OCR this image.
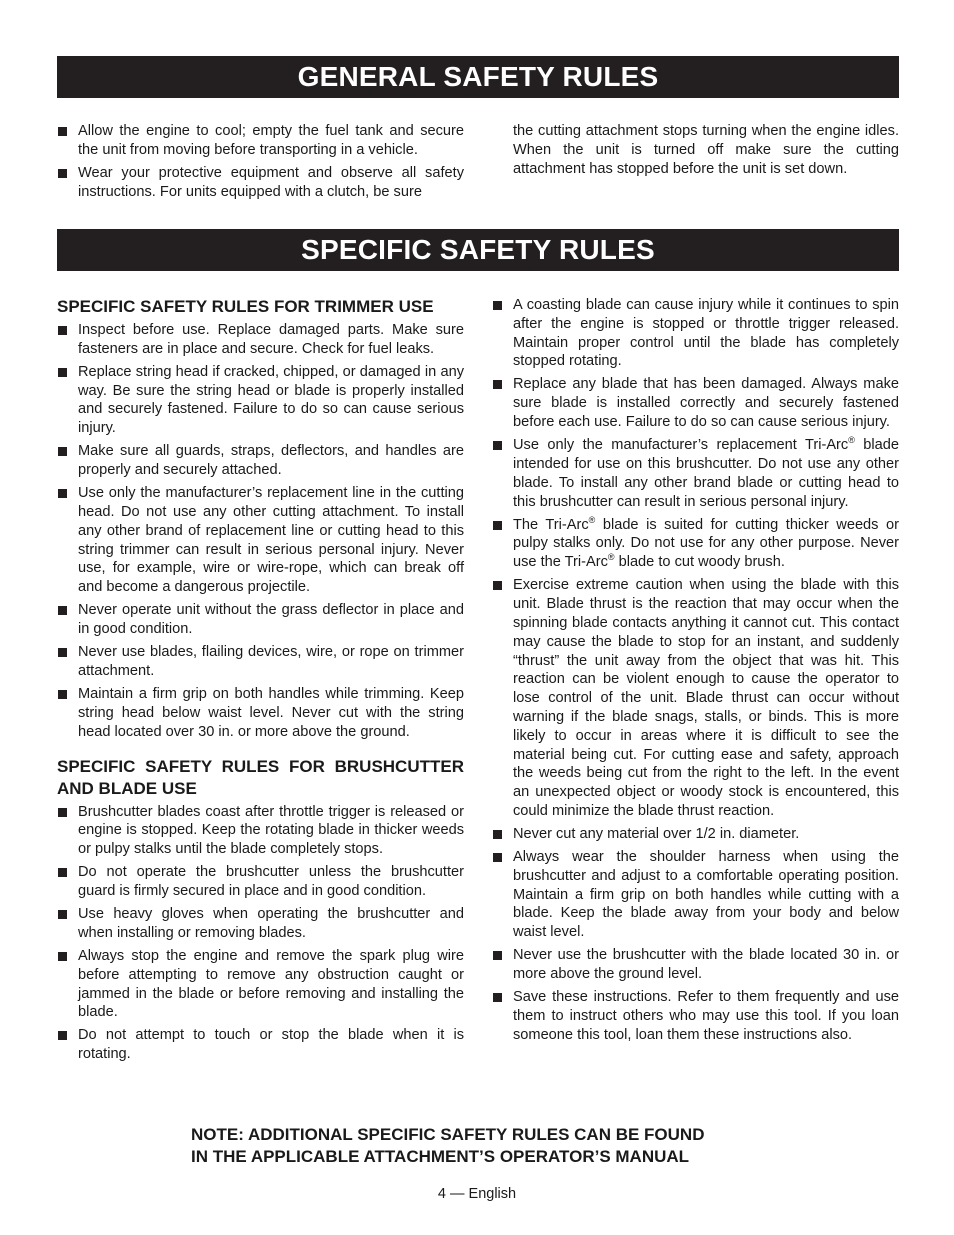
GENERAL SAFETY RULES
Allow the engine to cool; empty the fuel tank and secure the unit from moving before transporting in a vehicle.
Wear your protective equipment and observe all safety instructions. For units equipped with a clutch, be sure

the cutting attachment stops turning when the engine idles. When the unit is turned off make sure the cutting attachment has stopped before the unit is set down.

SPECIFIC SAFETY RULES
SPECIFIC SAFETY RULES FOR TRIMMER USE
Inspect before use. Replace damaged parts. Make sure fasteners are in place and secure. Check for fuel leaks.
Replace string head if cracked, chipped, or damaged in any way. Be sure the string head or blade is properly installed and securely fastened. Failure to do so can cause serious injury.
Make sure all guards, straps, deflectors, and handles are properly and securely attached.
Use only the manufacturer’s replacement line in the cutting head. Do not use any other cutting attachment. To install any other brand of replacement line or cutting head to this string trimmer can result in serious personal injury. Never use, for example, wire or wire-rope, which can break off and become a dangerous projectile.
Never operate unit without the grass deflector in place and in good condition.
Never use blades, flailing devices, wire, or rope on trimmer attachment.
Maintain a firm grip on both handles while trimming. Keep string head below waist level. Never cut with the string head located over 30 in. or more above the ground.
SPECIFIC SAFETY RULES FOR BRUSHCUTTER AND BLADE USE
Brushcutter blades coast after throttle trigger is released or engine is stopped. Keep the rotating blade in thicker weeds or pulpy stalks until the blade completely stops.
Do not operate the brushcutter unless the brushcutter guard is firmly secured in place and in good condition.
Use heavy gloves when operating the brushcutter and when installing or removing blades.
Always stop the engine and remove the spark plug wire before attempting to remove any obstruction caught or jammed in the blade or before removing and installing the blade.
Do not attempt to touch or stop the blade when it is rotating.
A coasting blade can cause injury while it continues to spin after the engine is stopped or throttle trigger released. Maintain proper control until the blade has completely stopped rotating.
Replace any blade that has been damaged. Always make sure blade is installed correctly and securely fastened before each use. Failure to do so can cause serious injury.
Use only the manufacturer’s replacement Tri-Arc® blade intended for use on this brushcutter. Do not use any other blade. To install any other brand blade or cutting head to this brushcutter can result in serious personal injury.
The Tri-Arc® blade is suited for cutting thicker weeds or pulpy stalks only. Do not use for any other purpose. Never use the Tri-Arc® blade to cut woody brush.
Exercise extreme caution when using the blade with this unit. Blade thrust is the reaction that may occur when the spinning blade contacts anything it cannot cut. This contact may cause the blade to stop for an instant, and suddenly “thrust” the unit away from the object that was hit. This reaction can be violent enough to cause the operator to lose control of the unit. Blade thrust can occur without warning if the blade snags, stalls, or binds. This is more likely to occur in areas where it is difficult to see the material being cut. For cutting ease and safety, approach the weeds being cut from the right to the left. In the event an unexpected object or woody stock is encountered, this could minimize the blade thrust reaction.
Never cut any material over 1/2 in. diameter.
Always wear the shoulder harness when using the brushcutter and adjust to a comfortable operating position. Maintain a firm grip on both handles while cutting with a blade. Keep the blade away from your body and below waist level.
Never use the brushcutter with the blade located 30 in. or more above the ground level.
Save these instructions. Refer to them frequently and use them to instruct others who may use this tool. If you loan someone this tool, loan them these instructions also.
NOTE: ADDITIONAL SPECIFIC SAFETY RULES CAN BE FOUND
IN THE APPLICABLE ATTACHMENT’S OPERATOR’S MANUAL
4 — English
